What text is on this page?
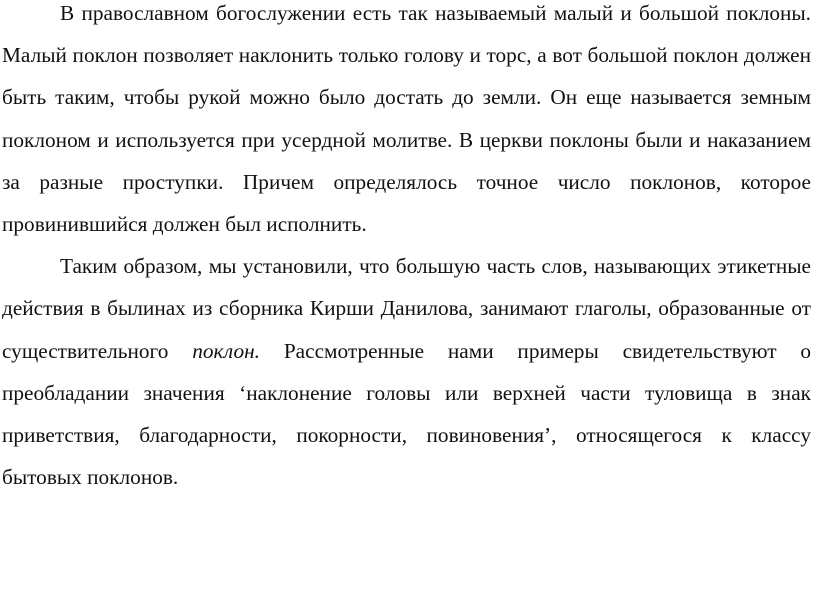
В православном богослужении есть так называемый малый и большой поклоны. Малый поклон позволяет наклонить только голову и торс, а вот большой поклон должен быть таким, чтобы рукой можно было достать до земли. Он еще называется земным поклоном и используется при усердной молитве. В церкви поклоны были и наказанием за разные проступки. Причем определялось точное число поклонов, которое провинившийся должен был исполнить.

Таким образом, мы установили, что большую часть слов, называющих этикетные действия в былинах из сборника Кирши Данилова, занимают глаголы, образованные от существительного поклон. Рассмотренные нами примеры свидетельствуют о преобладании значения ‘наклонение головы или верхней части туловища в знак приветствия, благодарности, покорности, повиновения’, относящегося к классу бытовых поклонов.
